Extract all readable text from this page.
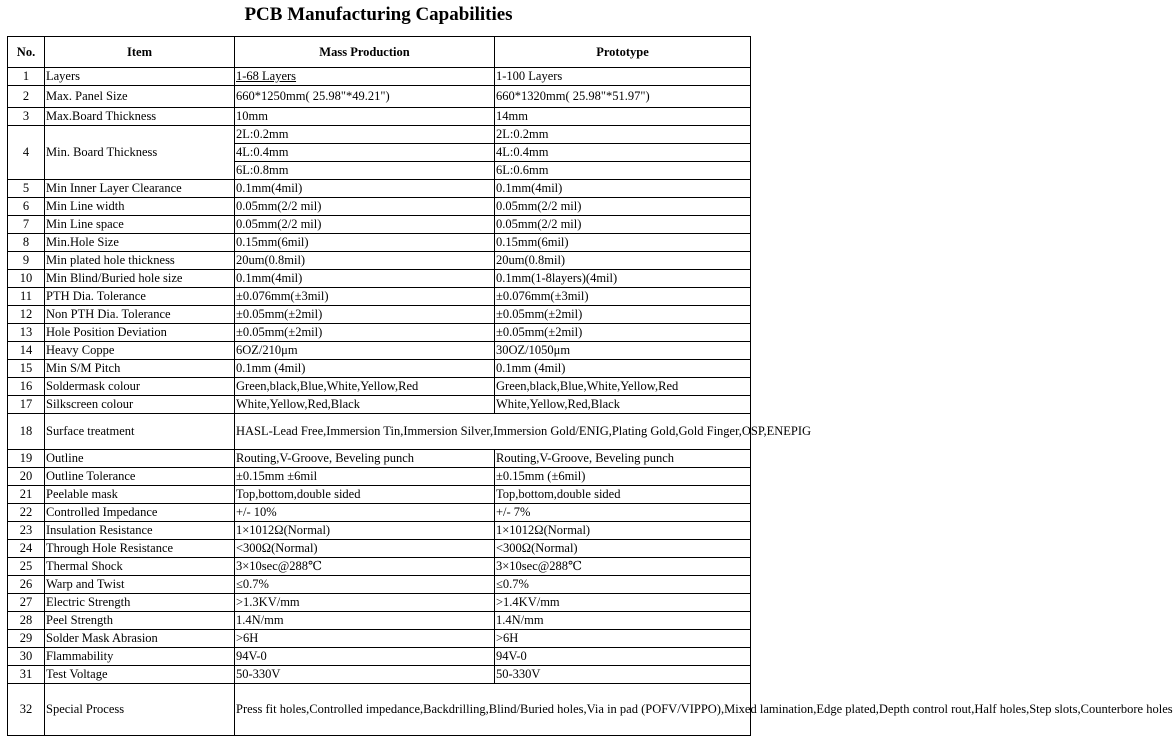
PCB Manufacturing Capabilities
No.	Item	Mass Production	Prototype
1	Layers	1-68 Layers	1-100 Layers
2	Max. Panel Size	660*1250mm( 25.98"*49.21")	660*1320mm( 25.98"*51.97")
3	Max.Board Thickness	10mm	14mm
4	Min. Board Thickness	2L:0.2mm	2L:0.2mm
		4L:0.4mm	4L:0.4mm
		6L:0.8mm	6L:0.6mm
5	Min Inner Layer Clearance	0.1mm(4mil)	0.1mm(4mil)
6	Min Line width	0.05mm(2/2 mil)	0.05mm(2/2 mil)
7	Min Line space	0.05mm(2/2 mil)	0.05mm(2/2 mil)
8	Min.Hole Size	0.15mm(6mil)	0.15mm(6mil)
9	Min plated hole thickness	20um(0.8mil)	20um(0.8mil)
10	Min Blind/Buried hole size	0.1mm(4mil)	0.1mm(1-8layers)(4mil)
11	PTH Dia. Tolerance	±0.076mm(±3mil)	±0.076mm(±3mil)
12	Non PTH Dia. Tolerance	±0.05mm(±2mil)	±0.05mm(±2mil)
13	Hole Position Deviation	±0.05mm(±2mil)	±0.05mm(±2mil)
14	Heavy Coppe	6OZ/210μm	30OZ/1050μm
15	Min S/M Pitch	0.1mm (4mil)	0.1mm (4mil)
16	Soldermask colour	Green,black,Blue,White,Yellow,Red	Green,black,Blue,White,Yellow,Red
17	Silkscreen colour	White,Yellow,Red,Black	White,Yellow,Red,Black
18	Surface treatment	HASL-Lead Free,Immersion Tin,Immersion Silver,Immersion Gold/ENIG,Plating Gold,Gold Finger,OSP,ENEPIG	
19	Outline	Routing,V-Groove, Beveling punch	Routing,V-Groove, Beveling punch
20	Outline Tolerance	±0.15mm ±6mil	±0.15mm (±6mil)
21	Peelable mask	Top,bottom,double sided	Top,bottom,double sided
22	Controlled Impedance	+/- 10%	+/- 7%
23	Insulation Resistance	1×1012Ω(Normal)	1×1012Ω(Normal)
24	Through Hole Resistance	<300Ω(Normal)	<300Ω(Normal)
25	Thermal Shock	3×10sec@288℃	3×10sec@288℃
26	Warp and Twist	≤0.7%	≤0.7%
27	Electric Strength	>1.3KV/mm	>1.4KV/mm
28	Peel Strength	1.4N/mm	1.4N/mm
29	Solder Mask Abrasion	>6H	>6H
30	Flammability	94V-0	94V-0
31	Test Voltage	50-330V	50-330V
32	Special Process	Press fit holes,Controlled impedance,Backdrilling,Blind/Buried holes,Via in pad (POFV/VIPPO),Mixed lamination,Edge plated,Depth control rout,Half holes,Step slots,Counterbore holes	
